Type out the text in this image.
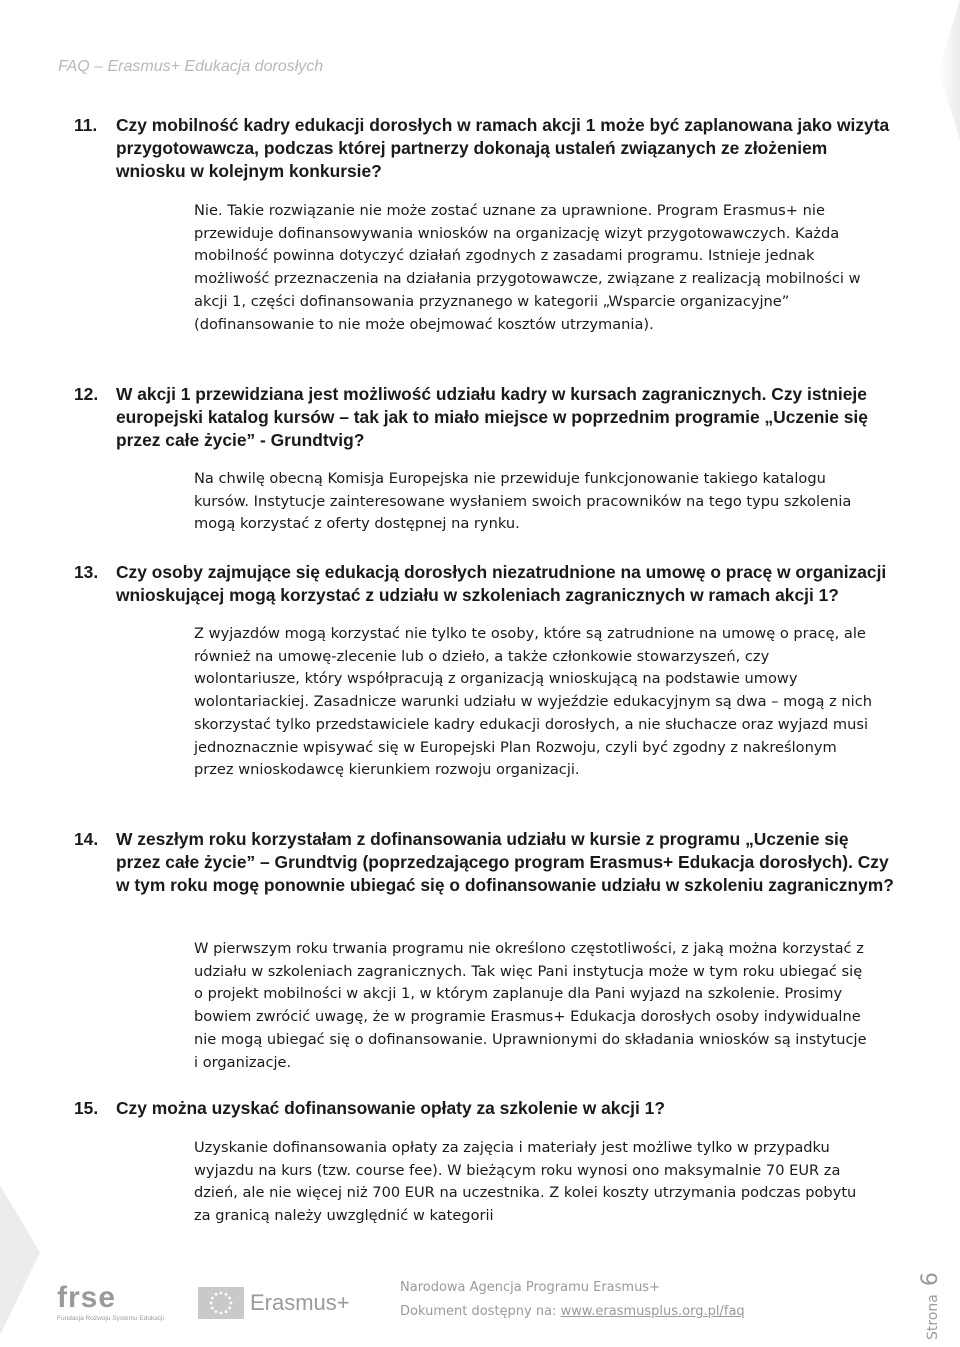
FAQ – Erasmus+ Edukacja dorosłych
11. Czy mobilność kadry edukacji dorosłych w ramach akcji 1 może być zaplanowana jako wizyta przygotowawcza, podczas której partnerzy dokonają ustaleń związanych ze złożeniem wniosku w kolejnym konkursie?
Nie. Takie rozwiązanie nie może zostać uznane za uprawnione. Program Erasmus+ nie przewiduje dofinansowywania wniosków na organizację wizyt przygotowawczych. Każda mobilność powinna dotyczyć działań zgodnych z zasadami programu. Istnieje jednak możliwość przeznaczenia na działania przygotowawcze, związane z realizacją mobilności w akcji 1, części dofinansowania przyznanego w kategorii „Wsparcie organizacyjne” (dofinansowanie to nie może obejmować kosztów utrzymania).
12. W akcji 1 przewidziana jest możliwość udziału kadry w kursach zagranicznych. Czy istnieje europejski katalog kursów – tak jak to miało miejsce w poprzednim programie „Uczenie się przez całe życie” - Grundtvig?
Na chwilę obecną Komisja Europejska nie przewiduje funkcjonowanie takiego katalogu kursów. Instytucje zainteresowane wysłaniem swoich pracowników na tego typu szkolenia mogą korzystać z oferty dostępnej na rynku.
13. Czy osoby zajmujące się edukacją dorosłych niezatrudnione na umowę o pracę w organizacji wnioskującej mogą korzystać z udziału w szkoleniach zagranicznych w ramach akcji 1?
Z wyjazdów mogą korzystać nie tylko te osoby, które są zatrudnione na umowę o pracę, ale również na umowę-zlecenie lub o dzieło, a także członkowie stowarzyszeń, czy wolontariusze, który współpracują z organizacją wnioskującą na podstawie umowy wolontariackiej. Zasadnicze warunki udziału w wyjeździe edukacyjnym są dwa – mogą z nich skorzystać tylko przedstawiciele kadry edukacji dorosłych, a nie słuchacze oraz wyjazd musi jednoznacznie wpisywać się w Europejski Plan Rozwoju, czyli być zgodny z nakreślonym przez wnioskodawcę kierunkiem rozwoju organizacji.
14. W zeszłym roku korzystałam z dofinansowania udziału w kursie z programu „Uczenie się przez całe życie” – Grundtvig (poprzedzającego program Erasmus+ Edukacja dorosłych). Czy w tym roku mogę ponownie ubiegać się o dofinansowanie udziału w szkoleniu zagranicznym?
W pierwszym roku trwania programu nie określono częstotliwości, z jaką można korzystać z udziału w szkoleniach zagranicznych. Tak więc Pani instytucja może w tym roku ubiegać się o projekt mobilności w akcji 1, w którym zaplanuje dla Pani wyjazd na szkolenie. Prosimy bowiem zwrócić uwagę, że w programie Erasmus+ Edukacja dorosłych osoby indywidualne nie mogą ubiegać się o dofinansowanie. Uprawnionymi do składania wniosków są instytucje i organizacje.
15. Czy można uzyskać dofinansowanie opłaty za szkolenie w akcji 1?
Uzyskanie dofinansowania opłaty za zajęcia i materiały jest możliwe tylko w przypadku wyjazdu na kurs (tzw. course fee). W bieżącym roku wynosi ono maksymalnie 70 EUR za dzień, ale nie więcej niż 700 EUR na uczestnika. Z kolei koszty utrzymania podczas pobytu za granicą należy uwzględnić w kategorii
frse
Fundacja Rozwoju Systemu Edukacji
Erasmus+
Narodowa Agencja Programu Erasmus+
Dokument dostępny na: www.erasmusplus.org.pl/faq	Strona
6
